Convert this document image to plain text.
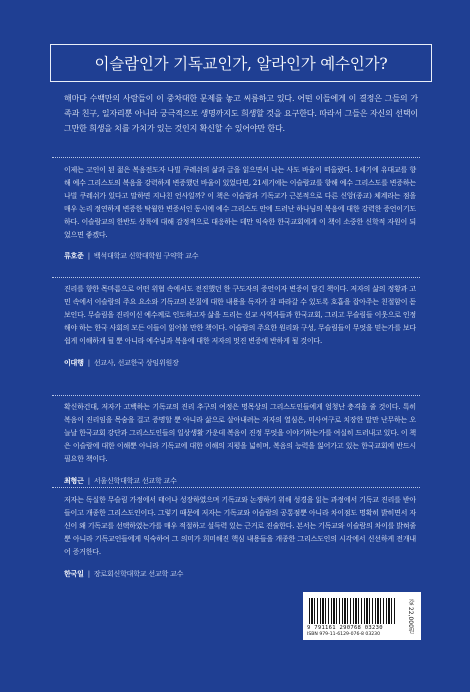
이슬람인가 기독교인가, 알라인가 예수인가?
해마다 수백만의 사람들이 이 중차대한 문제를 놓고 씨름하고 있다. 어떤 이들에게 이 결정은 그들의 가족과 친구, 일자리뿐 아니라 궁극적으로 생명까지도 희생할 것을 요구한다. 따라서 그들은 자신의 선택이 그만한 희생을 치를 가치가 있는 것인지 확신할 수 있어야만 한다.

이제는 고인이 된 젊은 복음전도자 나빌 쿠레쉬의 삶과 글을 읽으면서 나는 사도 바울이 떠올랐다. 1세기에 유대교를 향해 예수 그리스도의 복음을 강력하게 변증했던 바울이 있었다면, 21세기에는 이슬람교를 향해 예수 그리스도를 변증하는 나빌 쿠레쉬가 있다고 말하면 지나친 언사일까? 이 책은 이슬람과 기독교가 근본적으로 다른 신앙(종교) 체계라는 점을 매우 논리 정연하게 변증한 탁월한 변증서인 동시에 예수 그리스도 안에 드러난 하나님의 복음에 대한 강력한 증언이기도 하다. 이슬람교의 한반도 상륙에 대해 감정적으로 대응하는 데만 익숙한 한국교회에게 이 책이 소중한 신학적 자원이 되었으면 좋겠다.

류호준 | 백석대학교 신학대학원 구약학 교수

진리를 향한 목마름으로 어떤 위협 속에서도 전진했던 한 구도자의 증언이자 변증이 담긴 책이다. 저자의 삶의 정황과 고민 속에서 이슬람의 주요 요소와 기독교의 본질에 대한 내용을 독자가 잘 따라갈 수 있도록 호흡을 잡아주는 친절함이 돋보인다. 무슬림을 진리이신 예수께로 인도하고자 삶을 드리는 선교 사역자들과 한국교회, 그리고 무슬림들 이웃으로 인정해야 하는 한국 사회의 모든 이들이 읽어볼 만한 책이다. 이슬람의 주요한 원리와 구성, 무슬림들이 무엇을 믿는가를 보다 쉽게 이해하게 될 뿐 아니라 예수님과 복음에 대한 저자의 멋진 변증에 반하게 될 것이다.

이대행 | 선교사, 선교한국 상임위원장

확신하건대, 저자가 고백하는 기독교의 진리 추구의 여정은 명목상의 그리스도인들에게 엄청난 충격을 줄 것이다. 특히 복음이 진리임을 목숨을 걸고 증명할 뿐 아니라 삶으로 살아내려는 저자의 열심은, 미사여구로 치장한 말만 난무하는 오늘날 한국교회 강단과 그리스도인들의 일상생활 가운데 복음이 진정 무엇을 이야기하는가를 여실히 드러내고 있다. 이 책은 이슬람에 대한 이해뿐 아니라 기독교에 대한 이해의 지평을 넓히며, 복음의 능력을 잃어가고 있는 한국교회에 반드시 필요한 책이다.

최형근 | 서울신학대학교 선교학 교수

저자는 독실한 무슬림 가정에서 태어나 성장하였으며 기독교와 논쟁하기 위해 성경을 읽는 과정에서 기독교 진리를 받아들이고 개종한 그리스도인이다. 그렇기 때문에 저자는 기독교와 이슬람의 공통점뿐 아니라 차이점도 명확히 밝히면서 자신이 왜 기독교를 선택하였는가를 매우 적절하고 설득력 있는 근거로 진술한다. 본서는 기독교와 이슬람의 차이를 밝혀줄 뿐 아니라 기독교인들에게 익숙하여 그 의미가 희미해진 핵심 내용들을 개종한 그리스도인의 시각에서 신선하게 전개내어 증거한다.

한국일 | 장로회신학대학교 선교학 교수
9 791161 290768 03230
ISBN 979-11-6129-076-8 03230
값 22,000원
